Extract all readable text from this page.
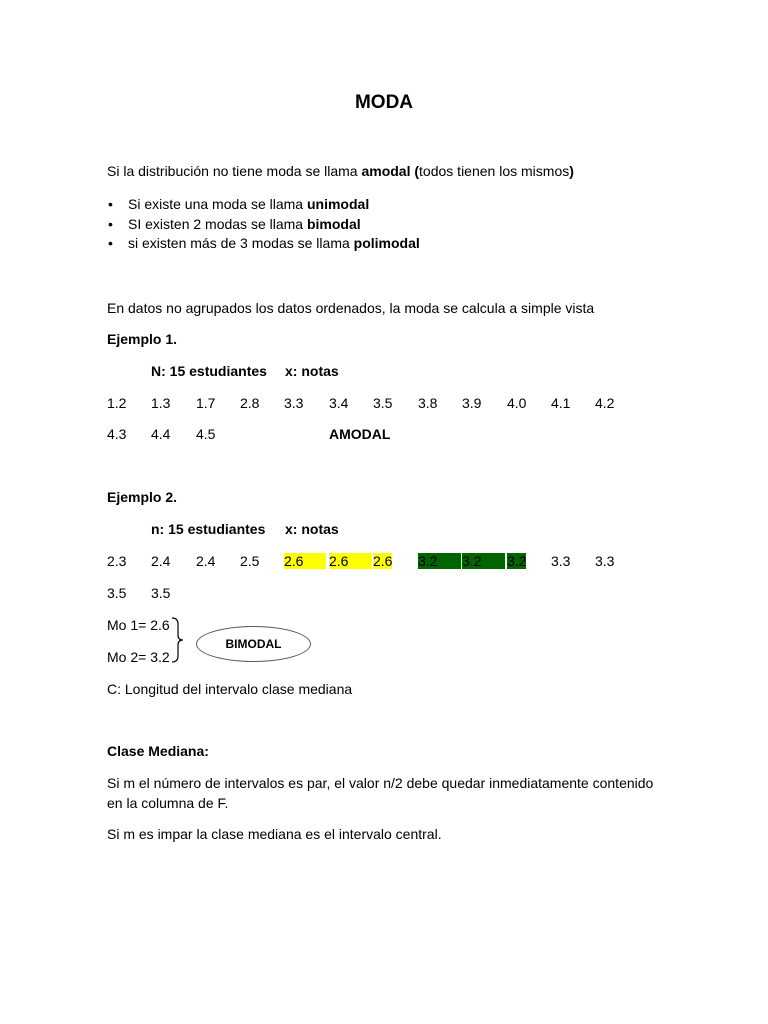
MODA
Si la distribución no tiene moda se llama amodal (todos tienen los mismos)
• Si existe una moda se llama unimodal
• SI existen 2 modas se llama bimodal
• si existen más de 3 modas se llama polimodal
En datos no agrupados los datos ordenados, la moda se calcula a simple vista
Ejemplo 1.
N: 15 estudiantes x: notas
1.2 1.3 1.7 2.8 3.3 3.4 3.5 3.8 3.9 4.0 4.1 4.2
4.3 4.4 4.5	AMODAL
Ejemplo 2.
n: 15 estudiantes x: notas
2.3 2.4 2.4 2.5 2.6	2.6	2.6 3.2	3.2	3.2 3.3 3.3
3.5 3.5
Mo 1= 2.6
Mo 2= 3.2
BIMODAL
C: Longitud del intervalo clase mediana
Clase Mediana:
Si m el número de intervalos es par, el valor n/2 debe quedar inmediatamente contenido
en la columna de F.
Si m es impar la clase mediana es el intervalo central.
